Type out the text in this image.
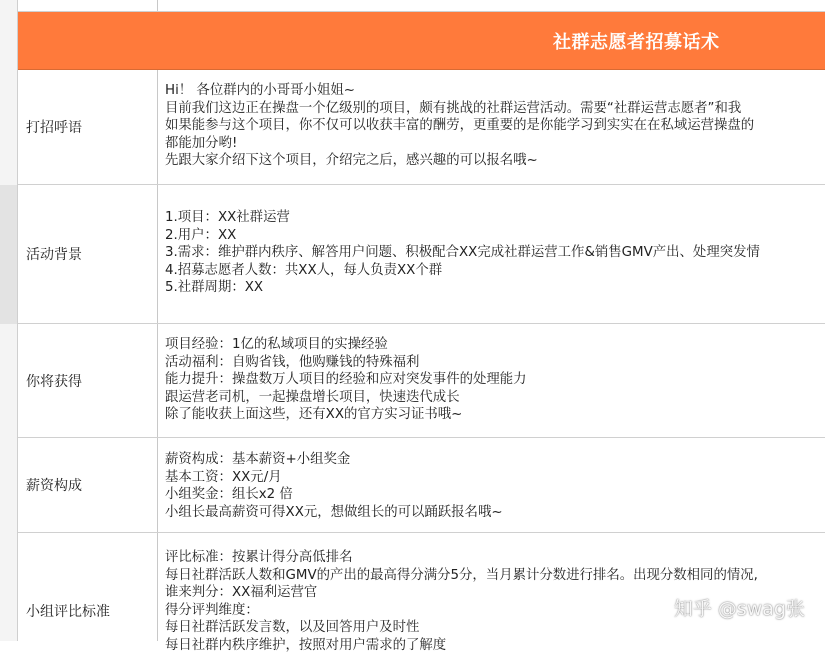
社群志愿者招募话术
打招呼语
Hi！ 各位群内的小哥哥小姐姐~
目前我们这边正在操盘一个亿级别的项目，颇有挑战的社群运营活动。需要“社群运营志愿者”和我
如果能参与这个项目，你不仅可以收获丰富的酬劳，更重要的是你能学习到实实在在私域运营操盘的
都能加分哟!
先跟大家介绍下这个项目，介绍完之后，感兴趣的可以报名哦~
活动背景
1.项目：XX社群运营
2.用户：XX
3.需求：维护群内秩序、解答用户问题、积极配合XX完成社群运营工作&销售GMV产出、处理突发情
4.招募志愿者人数：共XX人，每人负责XX个群
5.社群周期：XX
你将获得
项目经验：1亿的私域项目的实操经验
活动福利：自购省钱，他购赚钱的特殊福利
能力提升：操盘数万人项目的经验和应对突发事件的处理能力
跟运营老司机，一起操盘增长项目，快速迭代成长
除了能收获上面这些，还有XX的官方实习证书哦~
薪资构成
薪资构成：基本薪资+小组奖金
基本工资：XX元/月
小组奖金：组长x2 倍
小组长最高薪资可得XX元，想做组长的可以踊跃报名哦~
小组评比标准
评比标准：按累计得分高低排名
每日社群活跃人数和GMV的产出的最高得分满分5分，当月累计分数进行排名。出现分数相同的情况,
谁来判分：XX福利运营官
得分评判维度：
每日社群活跃发言数，以及回答用户及时性
每日社群内秩序维护，按照对用户需求的了解度
知乎 @swag张
